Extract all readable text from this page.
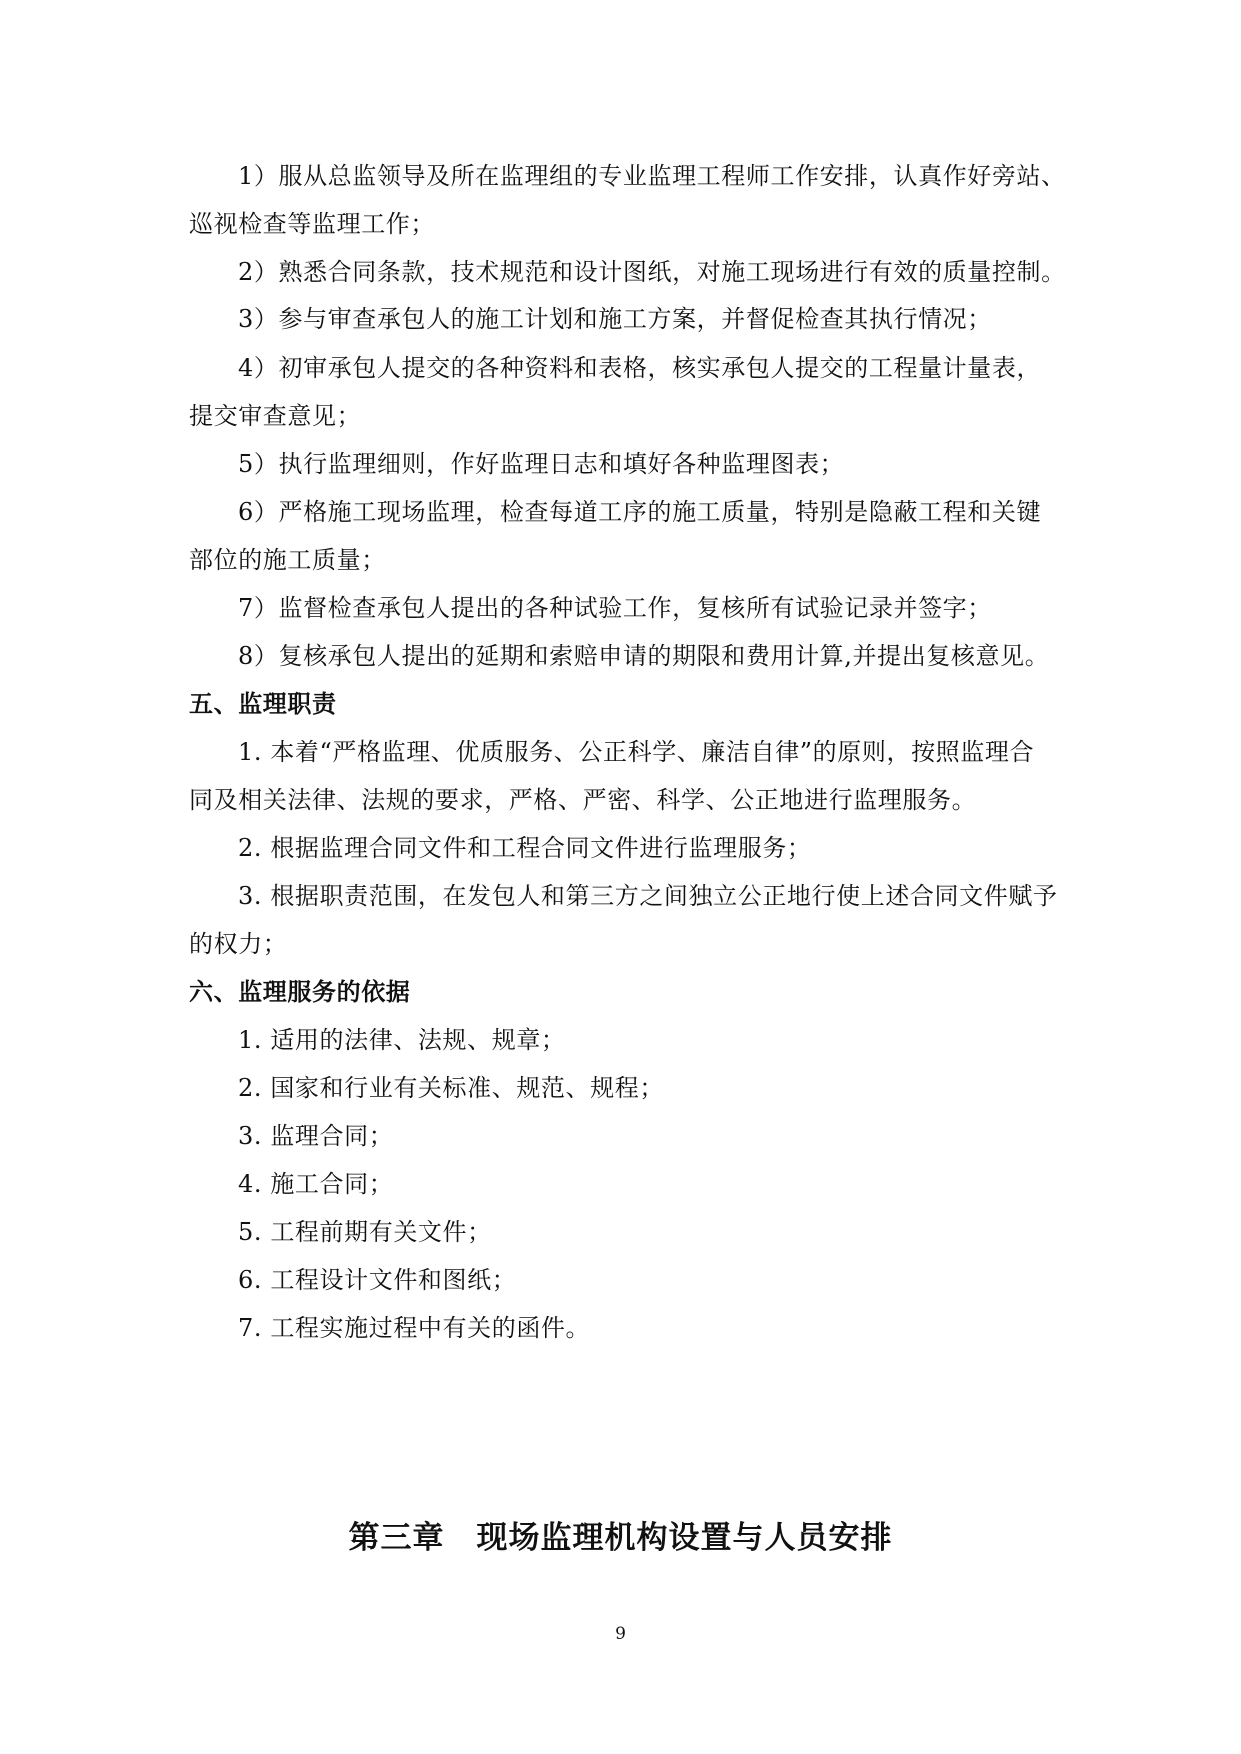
1）服从总监领导及所在监理组的专业监理工程师工作安排，认真作好旁站、
巡视检查等监理工作；
2）熟悉合同条款，技术规范和设计图纸，对施工现场进行有效的质量控制。
3）参与审查承包人的施工计划和施工方案，并督促检查其执行情况；
4）初审承包人提交的各种资料和表格，核实承包人提交的工程量计量表，
提交审查意见；
5）执行监理细则，作好监理日志和填好各种监理图表；
6）严格施工现场监理，检查每道工序的施工质量，特别是隐蔽工程和关键
部位的施工质量；
7）监督检查承包人提出的各种试验工作，复核所有试验记录并签字；
8）复核承包人提出的延期和索赔申请的期限和费用计算,并提出复核意见。
五、监理职责
1. 本着“严格监理、优质服务、公正科学、廉洁自律”的原则，按照监理合
同及相关法律、法规的要求，严格、严密、科学、公正地进行监理服务。
2. 根据监理合同文件和工程合同文件进行监理服务；
3. 根据职责范围，在发包人和第三方之间独立公正地行使上述合同文件赋予
的权力；
六、监理服务的依据
1. 适用的法律、法规、规章；
2. 国家和行业有关标准、规范、规程；
3. 监理合同；
4. 施工合同；
5. 工程前期有关文件；
6. 工程设计文件和图纸；
7. 工程实施过程中有关的函件。
第三章　现场监理机构设置与人员安排
9
